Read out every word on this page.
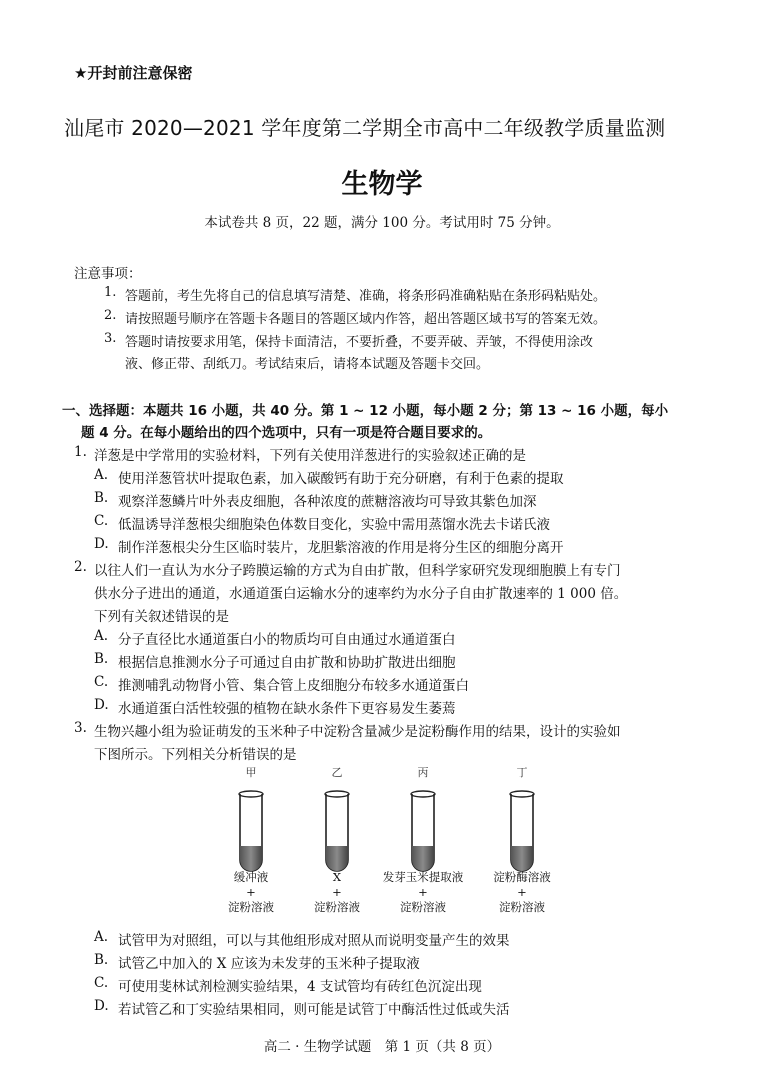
★开封前注意保密
汕尾市 2020—2021 学年度第二学期全市高中二年级教学质量监测
生物学
本试卷共 8 页，22 题，满分 100 分。考试用时 75 分钟。
注意事项：
1. 答题前，考生先将自己的信息填写清楚、准确，将条形码准确粘贴在条形码粘贴处。
2. 请按照题号顺序在答题卡各题目的答题区域内作答，超出答题区域书写的答案无效。
3. 答题时请按要求用笔，保持卡面清洁，不要折叠，不要弄破、弄皱，不得使用涂改
液、修正带、刮纸刀。考试结束后，请将本试题及答题卡交回。
一、选择题：本题共 16 小题，共 40 分。第 1 ~ 12 小题，每小题 2 分；第 13 ~ 16 小题，每小
题 4 分。在每小题给出的四个选项中，只有一项是符合题目要求的。
1. 洋葱是中学常用的实验材料，下列有关使用洋葱进行的实验叙述正确的是
A. 使用洋葱管状叶提取色素，加入碳酸钙有助于充分研磨，有利于色素的提取
B. 观察洋葱鳞片叶外表皮细胞，各种浓度的蔗糖溶液均可导致其紫色加深
C. 低温诱导洋葱根尖细胞染色体数目变化，实验中需用蒸馏水洗去卡诺氏液
D. 制作洋葱根尖分生区临时装片，龙胆紫溶液的作用是将分生区的细胞分离开
2. 以往人们一直认为水分子跨膜运输的方式为自由扩散，但科学家研究发现细胞膜上有专门
供水分子进出的通道，水通道蛋白运输水分的速率约为水分子自由扩散速率的 1 000 倍。
下列有关叙述错误的是
A. 分子直径比水通道蛋白小的物质均可自由通过水通道蛋白
B. 根据信息推测水分子可通过自由扩散和协助扩散进出细胞
C. 推测哺乳动物肾小管、集合管上皮细胞分布较多水通道蛋白
D. 水通道蛋白活性较强的植物在缺水条件下更容易发生萎蔫
3. 生物兴趣小组为验证萌发的玉米种子中淀粉含量减少是淀粉酶作用的结果，设计的实验如
下图所示。下列相关分析错误的是
甲	乙	丙	丁
缓冲液
+
淀粉溶液
X
+
淀粉溶液
发芽玉米提取液
+
淀粉溶液
淀粉酶溶液
+
淀粉溶液
A. 试管甲为对照组，可以与其他组形成对照从而说明变量产生的效果
B. 试管乙中加入的 X 应该为未发芽的玉米种子提取液
C. 可使用斐林试剂检测实验结果，4 支试管均有砖红色沉淀出现
D. 若试管乙和丁实验结果相同，则可能是试管丁中酶活性过低或失活
高二 · 生物学试题　第 1 页（共 8 页）
